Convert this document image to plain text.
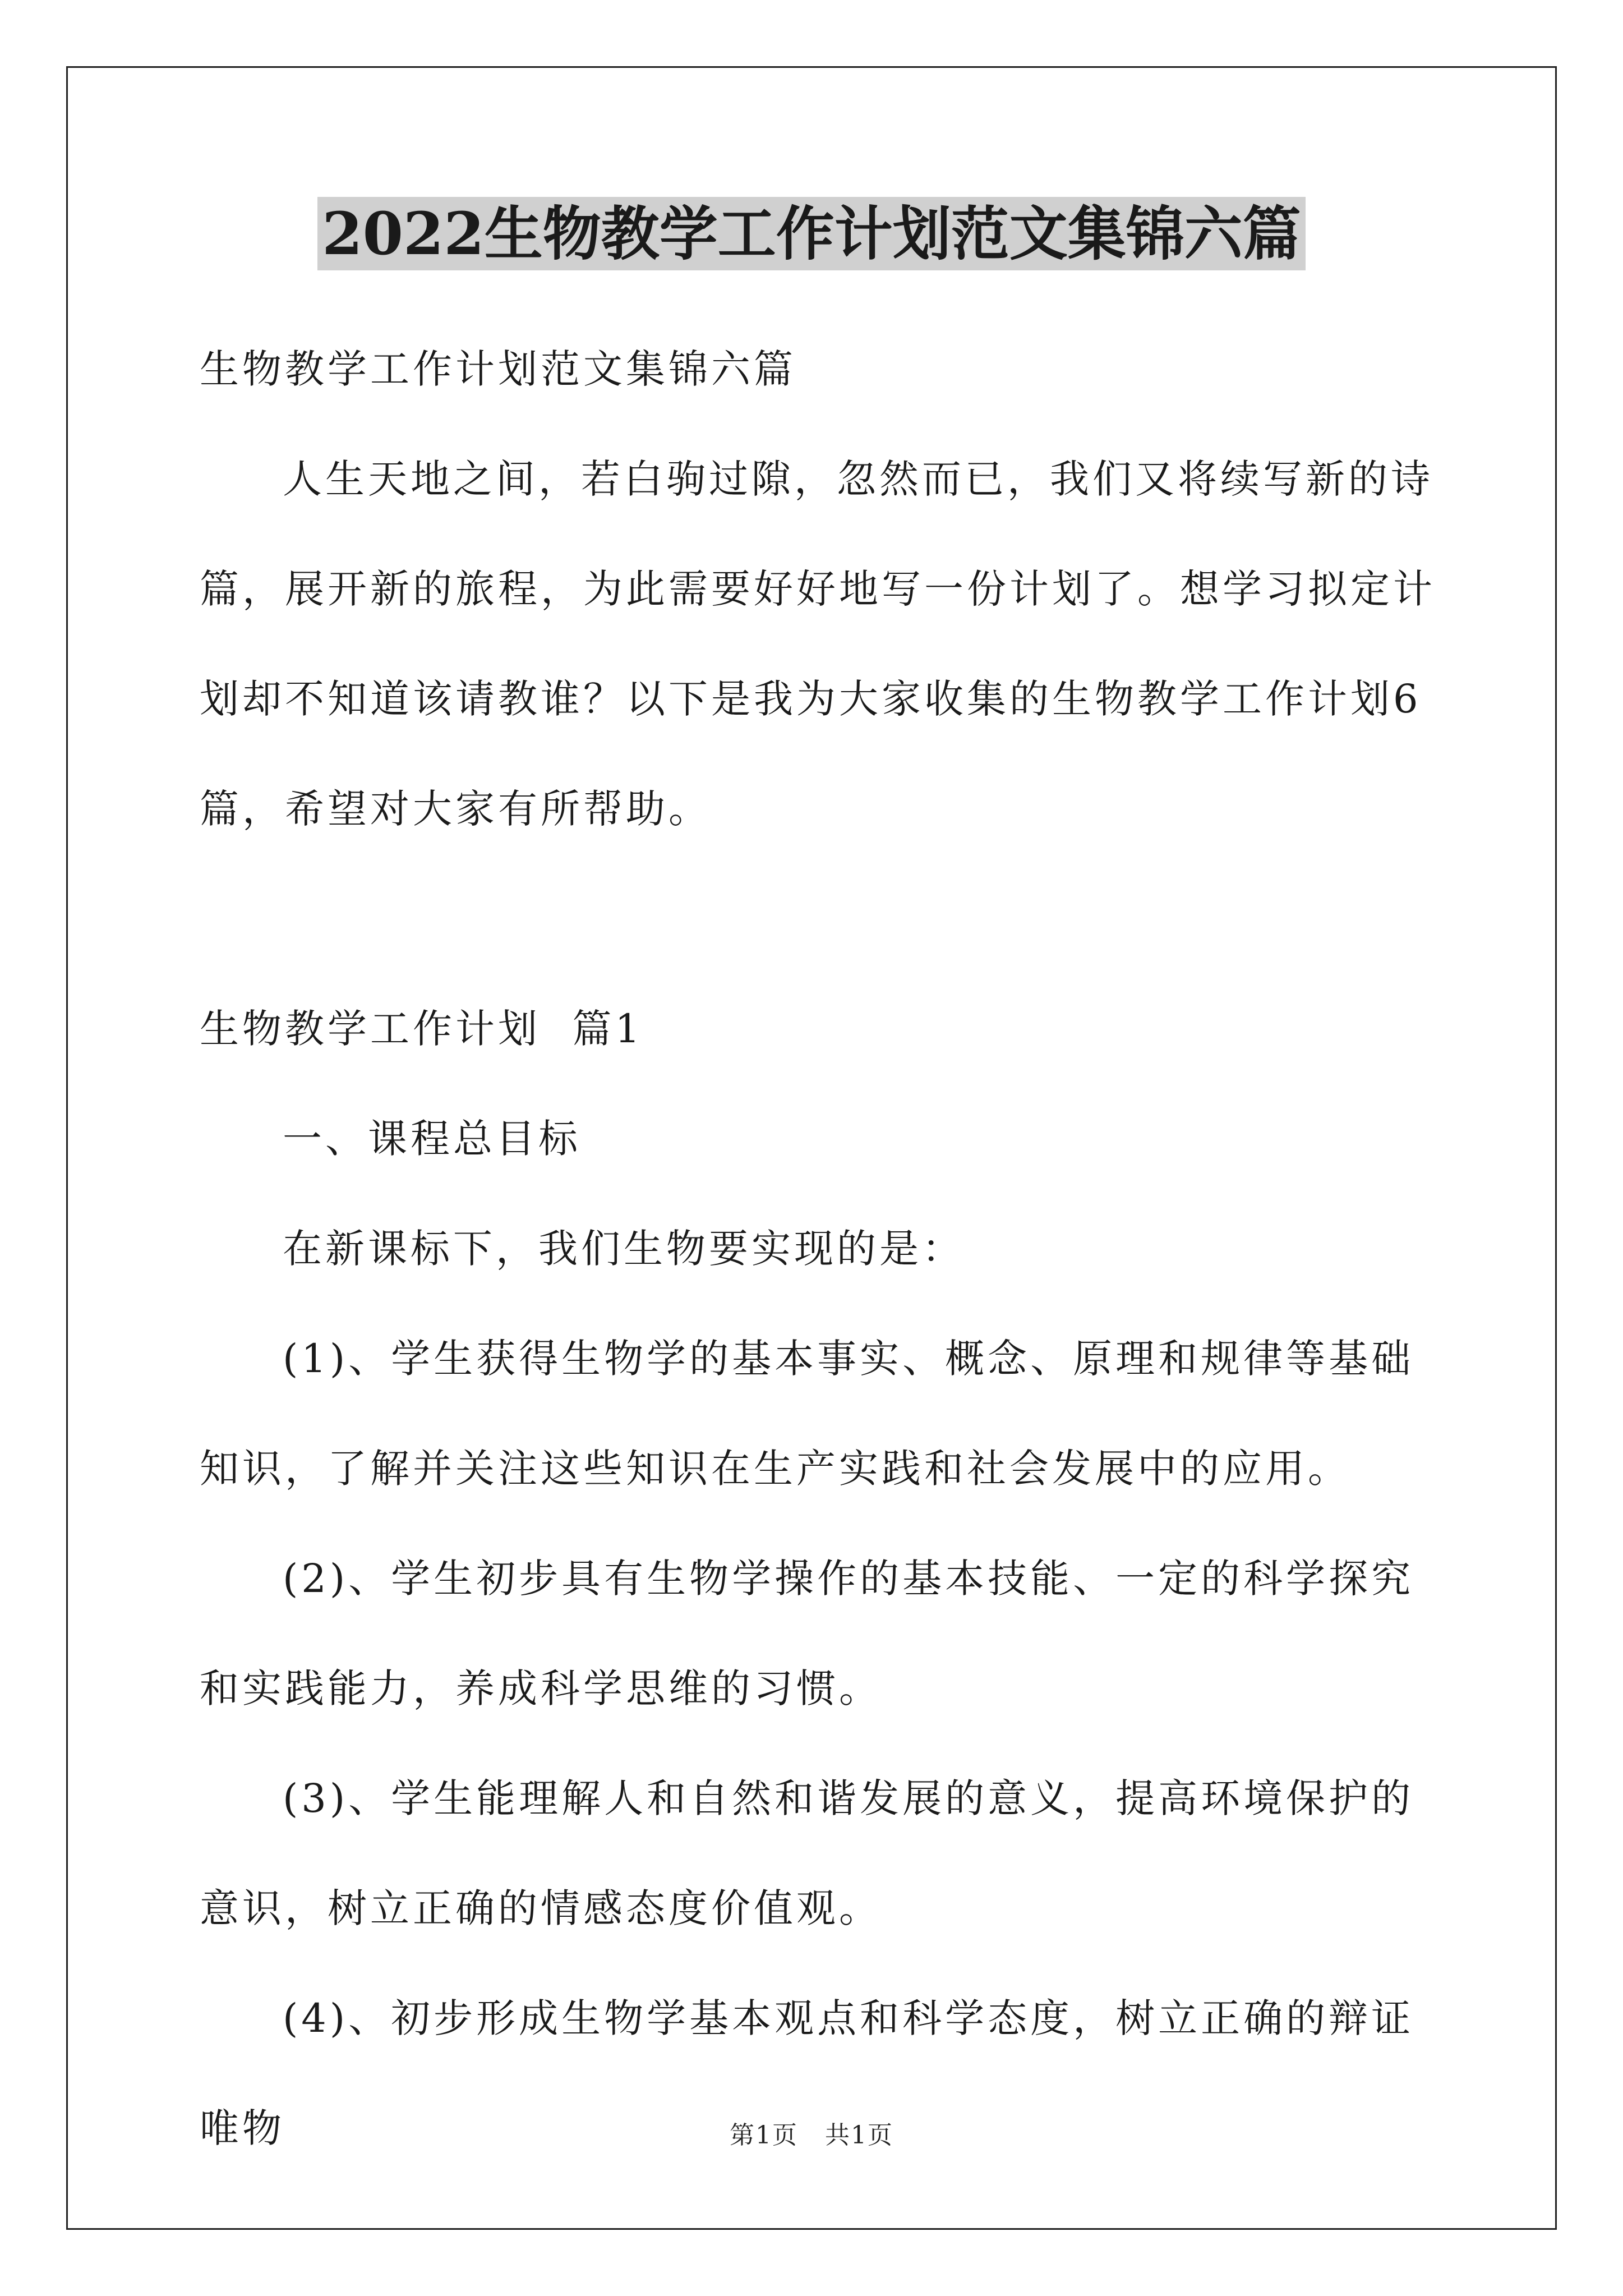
2022生物教学工作计划范文集锦六篇

生物教学工作计划范文集锦六篇

人生天地之间，若白驹过隙，忽然而已，我们又将续写新的诗篇，展开新的旅程，为此需要好好地写一份计划了。想学习拟定计划却不知道该请教谁？以下是我为大家收集的生物教学工作计划6篇，希望对大家有所帮助。

生物教学工作计划  篇1

一、课程总目标

在新课标下，我们生物要实现的是：

(1)、学生获得生物学的基本事实、概念、原理和规律等基础知识，了解并关注这些知识在生产实践和社会发展中的应用。

(2)、学生初步具有生物学操作的基本技能、一定的科学探究和实践能力，养成科学思维的习惯。

(3)、学生能理解人和自然和谐发展的意义，提高环境保护的意识，树立正确的情感态度价值观。

(4)、初步形成生物学基本观点和科学态度，树立正确的辩证唯物	第1页 共1页
